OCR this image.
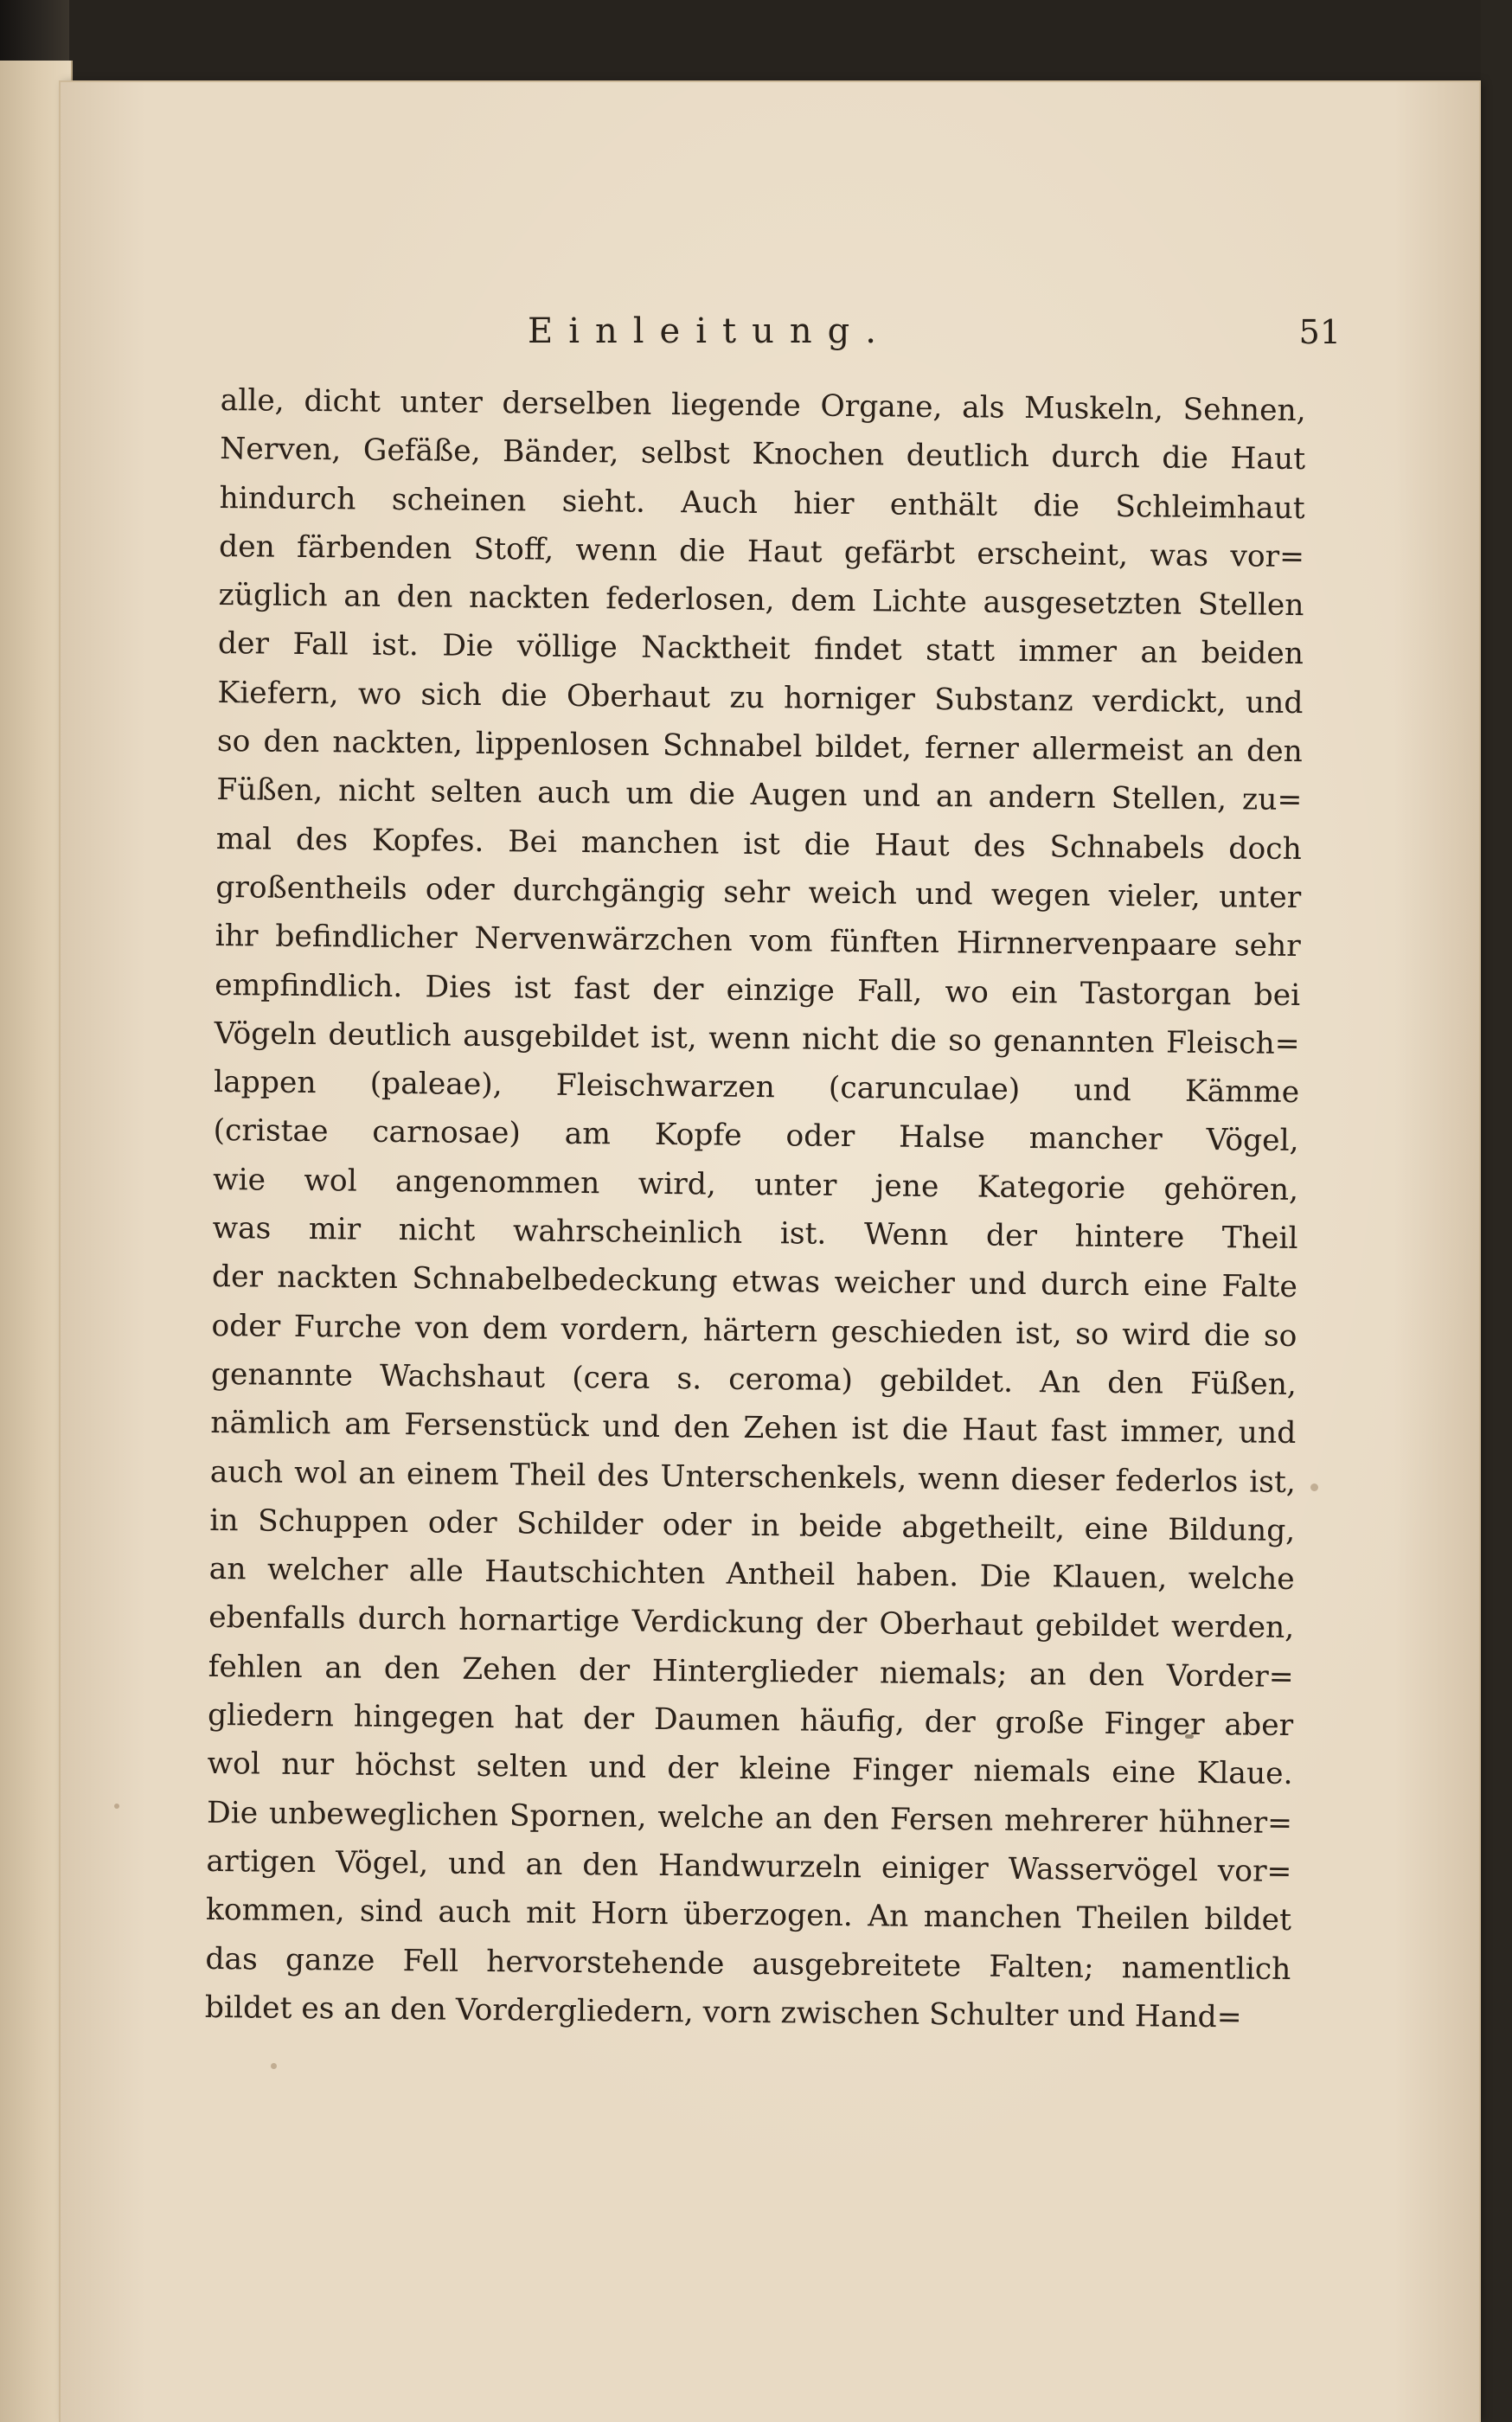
Einleitung.	51
alle, dicht unter derselben liegende Organe, als Muskeln, Sehnen,
Nerven, Gefäße, Bänder, selbst Knochen deutlich durch die Haut
hindurch scheinen sieht. Auch hier enthält die Schleimhaut
den färbenden Stoff, wenn die Haut gefärbt erscheint, was vor=
züglich an den nackten federlosen, dem Lichte ausgesetzten Stellen
der Fall ist. Die völlige Nacktheit findet statt immer an beiden
Kiefern, wo sich die Oberhaut zu horniger Substanz verdickt, und
so den nackten, lippenlosen Schnabel bildet, ferner allermeist an den
Füßen, nicht selten auch um die Augen und an andern Stellen, zu=
mal des Kopfes. Bei manchen ist die Haut des Schnabels doch
großentheils oder durchgängig sehr weich und wegen vieler, unter
ihr befindlicher Nervenwärzchen vom fünften Hirnnervenpaare sehr
empfindlich. Dies ist fast der einzige Fall, wo ein Tastorgan bei
Vögeln deutlich ausgebildet ist, wenn nicht die so genannten Fleisch=
lappen (paleae), Fleischwarzen (carunculae) und Kämme
(cristae carnosae) am Kopfe oder Halse mancher Vögel,
wie wol angenommen wird, unter jene Kategorie gehören,
was mir nicht wahrscheinlich ist. Wenn der hintere Theil
der nackten Schnabelbedeckung etwas weicher und durch eine Falte
oder Furche von dem vordern, härtern geschieden ist, so wird die so
genannte Wachshaut (cera s. ceroma) gebildet. An den Füßen,
nämlich am Fersenstück und den Zehen ist die Haut fast immer, und
auch wol an einem Theil des Unterschenkels, wenn dieser federlos ist,
in Schuppen oder Schilder oder in beide abgetheilt, eine Bildung,
an welcher alle Hautschichten Antheil haben. Die Klauen, welche
ebenfalls durch hornartige Verdickung der Oberhaut gebildet werden,
fehlen an den Zehen der Hinterglieder niemals; an den Vorder=
gliedern hingegen hat der Daumen häufig, der große Finger aber
wol nur höchst selten und der kleine Finger niemals eine Klaue.
Die unbeweglichen Spornen, welche an den Fersen mehrerer hühner=
artigen Vögel, und an den Handwurzeln einiger Wasservögel vor=
kommen, sind auch mit Horn überzogen. An manchen Theilen bildet
das ganze Fell hervorstehende ausgebreitete Falten; namentlich
bildet es an den Vordergliedern, vorn zwischen Schulter und Hand=
